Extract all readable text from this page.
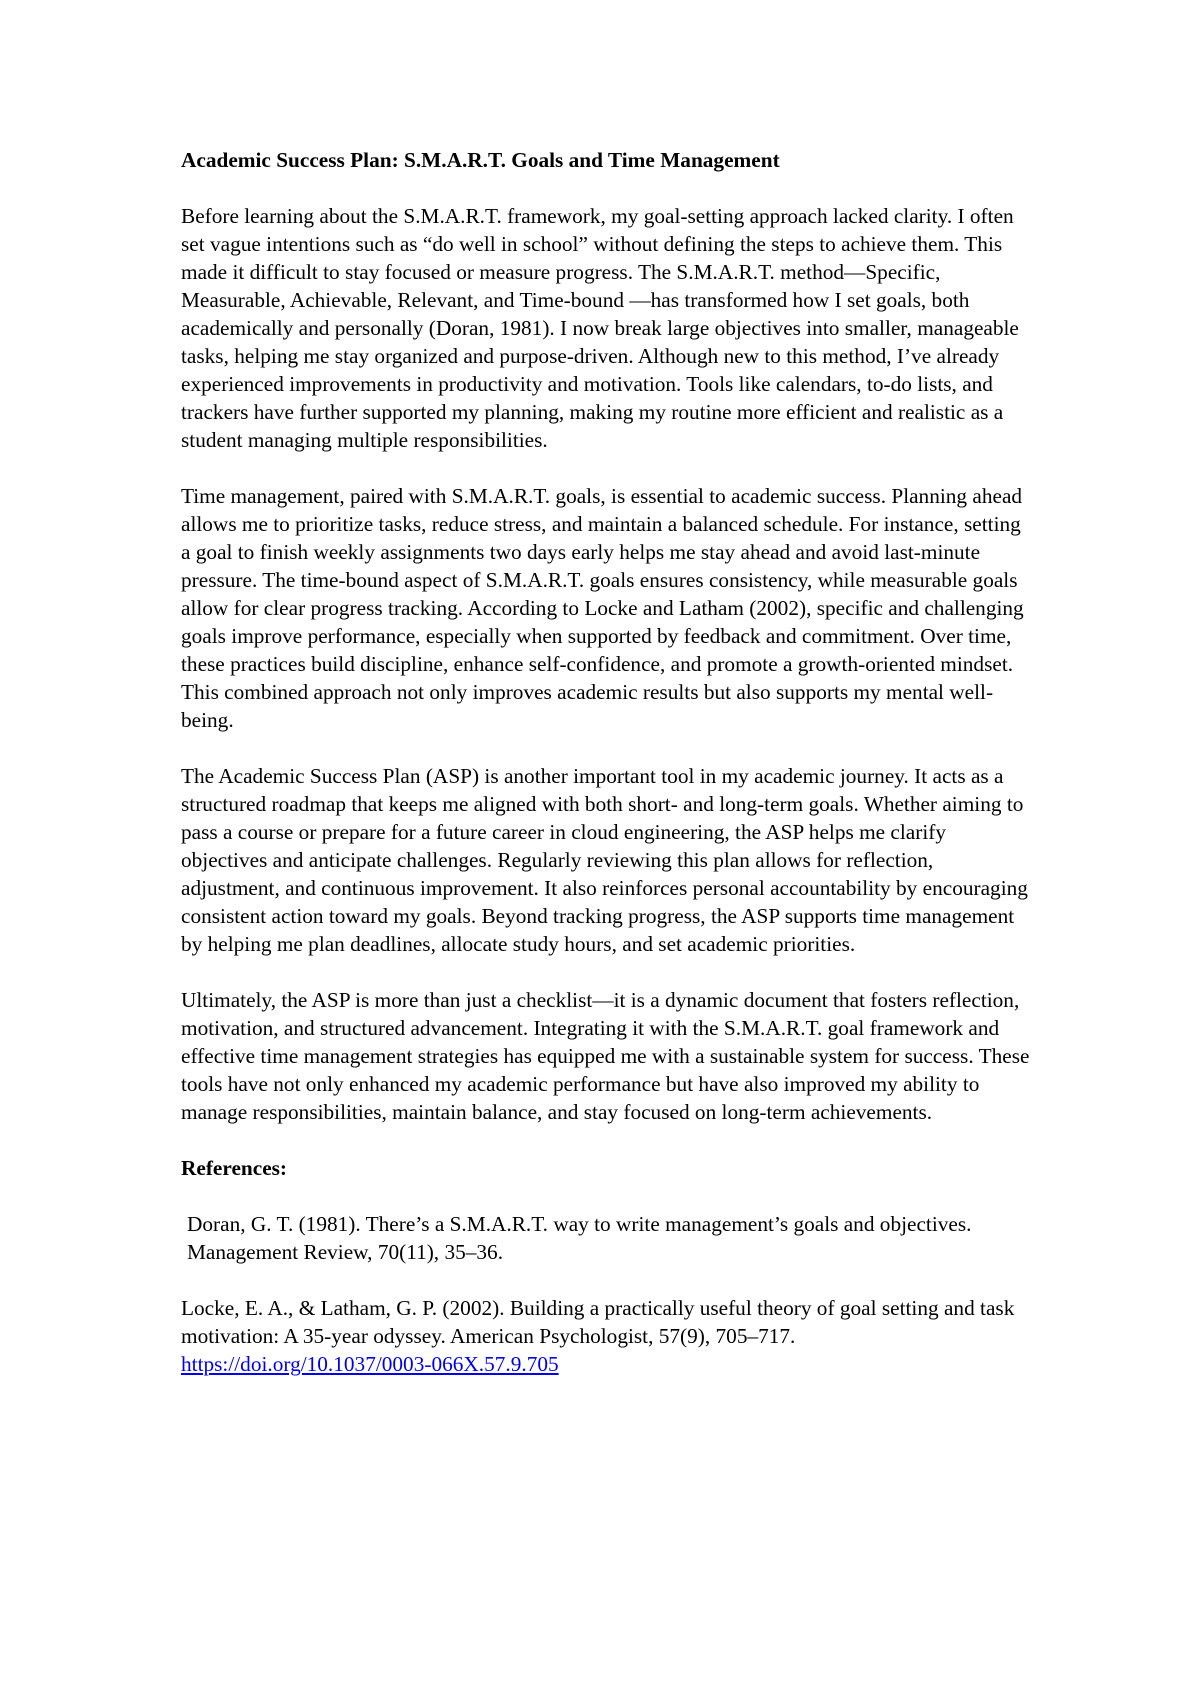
Academic Success Plan: S.M.A.R.T. Goals and Time Management
Before learning about the S.M.A.R.T. framework, my goal-setting approach lacked clarity. I often set vague intentions such as “do well in school” without defining the steps to achieve them. This made it difficult to stay focused or measure progress. The S.M.A.R.T. method—Specific, Measurable, Achievable, Relevant, and Time-bound —has transformed how I set goals, both academically and personally (Doran, 1981). I now break large objectives into smaller, manageable tasks, helping me stay organized and purpose-driven. Although new to this method, I’ve already experienced improvements in productivity and motivation. Tools like calendars, to-do lists, and trackers have further supported my planning, making my routine more efficient and realistic as a student managing multiple responsibilities.
Time management, paired with S.M.A.R.T. goals, is essential to academic success. Planning ahead allows me to prioritize tasks, reduce stress, and maintain a balanced schedule. For instance, setting a goal to finish weekly assignments two days early helps me stay ahead and avoid last-minute pressure. The time-bound aspect of S.M.A.R.T. goals ensures consistency, while measurable goals allow for clear progress tracking. According to Locke and Latham (2002), specific and challenging goals improve performance, especially when supported by feedback and commitment. Over time, these practices build discipline, enhance self-confidence, and promote a growth-oriented mindset. This combined approach not only improves academic results but also supports my mental well-being.
The Academic Success Plan (ASP) is another important tool in my academic journey. It acts as a structured roadmap that keeps me aligned with both short- and long-term goals. Whether aiming to pass a course or prepare for a future career in cloud engineering, the ASP helps me clarify objectives and anticipate challenges. Regularly reviewing this plan allows for reflection, adjustment, and continuous improvement. It also reinforces personal accountability by encouraging consistent action toward my goals. Beyond tracking progress, the ASP supports time management by helping me plan deadlines, allocate study hours, and set academic priorities.
Ultimately, the ASP is more than just a checklist—it is a dynamic document that fosters reflection, motivation, and structured advancement. Integrating it with the S.M.A.R.T. goal framework and effective time management strategies has equipped me with a sustainable system for success. These tools have not only enhanced my academic performance but have also improved my ability to manage responsibilities, maintain balance, and stay focused on long-term achievements.
References:
Doran, G. T. (1981). There’s a S.M.A.R.T. way to write management’s goals and objectives. Management Review, 70(11), 35–36.
Locke, E. A., & Latham, G. P. (2002). Building a practically useful theory of goal setting and task motivation: A 35-year odyssey. American Psychologist, 57(9), 705–717. https://doi.org/10.1037/0003-066X.57.9.705
